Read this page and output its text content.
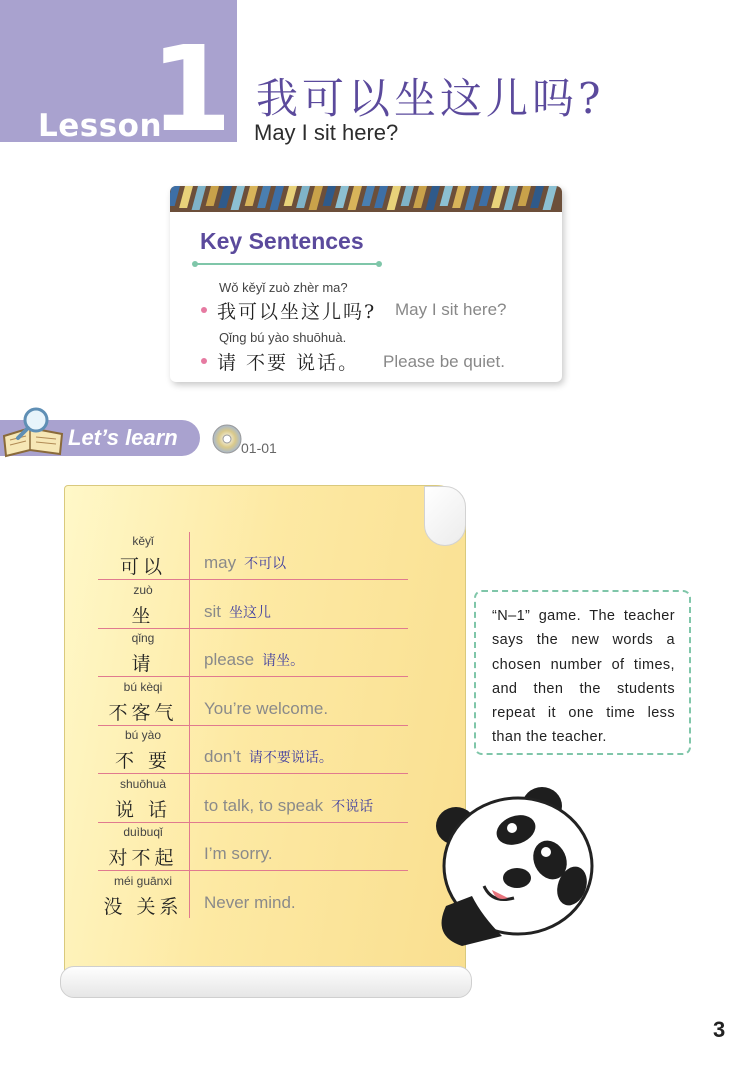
Lesson
1 我可以坐这儿吗?
May I sit here?
Key Sentences
Wǒ kěyǐ zuò zhèr ma?
我可以坐这儿吗? May I sit here?
Qǐng bú yào shuōhuà.
请 不要 说话。 Please be quiet.
Let’s learn	01-01
kěyǐ
可以	may 不可以
zuò
坐	sit 坐这儿
qǐng
请	please 请坐。
bú kèqi
不客气	You’re welcome.
bú yào
不 要	don’t 请不要说话。
shuōhuà
说 话	to talk, to speak 不说话
duìbuqǐ
对不起	I’m sorry.
méi guānxi
没 关系	Never mind.
“N–1” game. The teacher says the new words a chosen number of times, and then the students repeat it one time less than the teacher.
3
